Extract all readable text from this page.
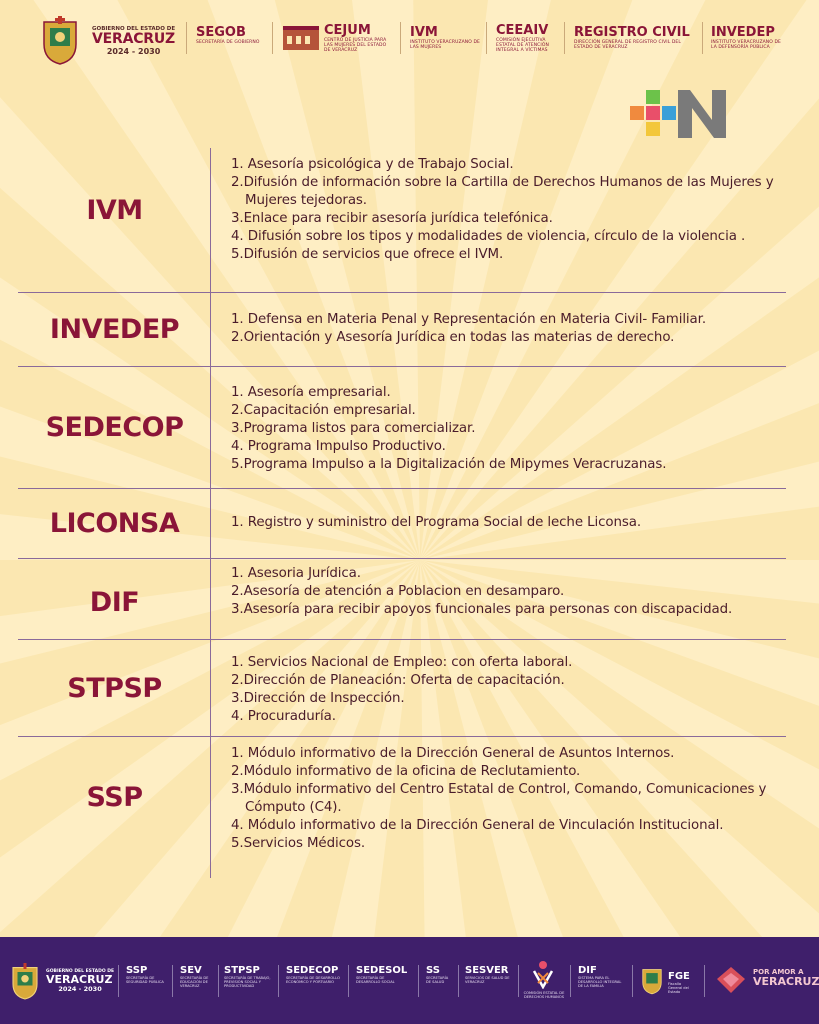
GOBIERNO DEL ESTADO DE
VERACRUZ
2024 - 2030
SEGOB
SECRETARÍA DE GOBIERNO
CEJUM
CENTRO DE JUSTICIA PARA LAS MUJERES DEL ESTADO DE VERACRUZ
IVM
INSTITUTO VERACRUZANO DE LAS MUJERES
CEEAIV
COMISIÓN EJECUTIVA ESTATAL DE ATENCIÓN INTEGRAL A VÍCTIMAS
REGISTRO CIVIL
DIRECCIÓN GENERAL DE REGISTRO CIVIL DEL ESTADO DE VERACRUZ
INVEDEP
INSTITUTO VERACRUZANO DE LA DEFENSORÍA PÚBLICA
IVM
1. Asesoría psicológica y de Trabajo Social.
2.Difusión de información sobre la Cartilla de Derechos Humanos de las Mujeres y Mujeres tejedoras.
3.Enlace para recibir asesoría jurídica telefónica.
4. Difusión sobre los tipos y modalidades de violencia, círculo de la violencia .
5.Difusión de servicios que ofrece el IVM.
INVEDEP	1. Defensa en Materia Penal y Representación en Materia Civil- Familiar.
2.Orientación y Asesoría Jurídica en todas las materias de derecho.
SEDECOP
1. Asesoría empresarial.
2.Capacitación empresarial.
3.Programa listos para comercializar.
4. Programa Impulso Productivo.
5.Programa Impulso a la Digitalización de Mipymes Veracruzanas.
LICONSA	1. Registro y suministro del Programa Social de leche Liconsa.
DIF
1. Asesoria Jurídica.
2.Asesoría de atención a Poblacion en desamparo.
3.Asesoría para recibir apoyos funcionales para personas con discapacidad.
STPSP
1. Servicios Nacional de Empleo: con oferta laboral.
2.Dirección de Planeación: Oferta de capacitación.
3.Dirección de Inspección.
4. Procuraduría.
SSP
1. Módulo informativo de la Dirección General de Asuntos Internos.
2.Módulo informativo de la oficina de Reclutamiento.
3.Módulo informativo del Centro Estatal de Control, Comando, Comunicaciones y Cómputo (C4).
4. Módulo informativo de la Dirección General de Vinculación Institucional.
5.Servicios Médicos.
GOBIERNO DEL ESTADO DE
VERACRUZ
2024 - 2030
SSP
SECRETARÍA DE SEGURIDAD PÚBLICA
SEV
SECRETARÍA DE EDUCACIÓN DE VERACRUZ
STPSP
SECRETARÍA DE TRABAJO, PREVISIÓN SOCIAL Y PRODUCTIVIDAD
SEDECOP
SECRETARÍA DE DESARROLLO ECONÓMICO Y PORTUARIO
SEDESOL
SECRETARÍA DE DESARROLLO SOCIAL
SS
SECRETARÍA DE SALUD
SESVER
SERVICIOS DE SALUD DE VERACRUZ
COMISIÓN ESTATAL DE DERECHOS HUMANOS
DIF
SISTEMA PARA EL DESARROLLO INTEGRAL DE LA FAMILIA
FGE
Fiscalía General del Estado
POR AMOR A
VERACRUZ
